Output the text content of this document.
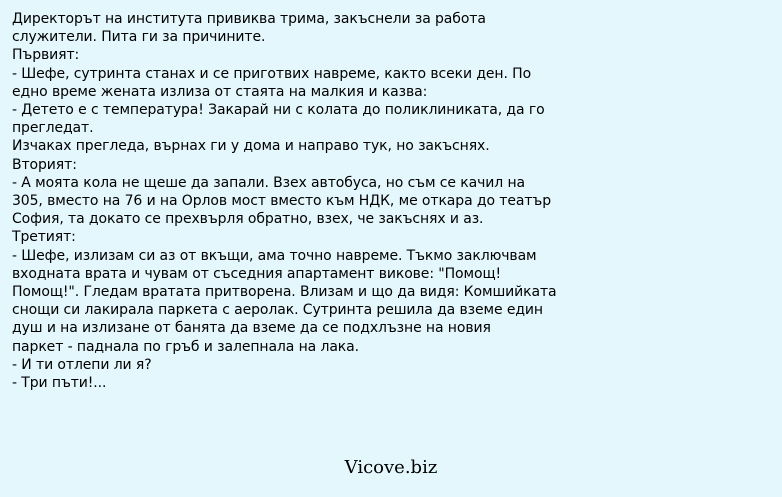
Директорът на института привиква трима, закъснели за работа
служители. Пита ги за причините.
Първият:
- Шефе, сутринта станах и се приготвих навреме, както всеки ден. По
едно време жената излиза от стаята на малкия и казва:
- Детето е с температура! Закарай ни с колата до поликлиниката, да го
прегледат.
Изчаках прегледа, върнах ги у дома и направо тук, но закъснях.
Вторият:
- А моята кола не щеше да запали. Взех автобуса, но съм се качил на
305, вместо на 76 и на Орлов мост вместо към НДК, ме откара до театър
София, та докато се прехвърля обратно, взех, че закъснях и аз.
Третият:
- Шефе, излизам си аз от вкъщи, ама точно навреме. Тъкмо заключвам
входната врата и чувам от съседния апартамент викове: "Помощ!
Помощ!". Гледам вратата притворена. Влизам и що да видя: Комшийката
снощи си лакирала паркета с аеролак. Сутринта решила да вземе един
душ и на излизане от банята да вземе да се подхлъзне на новия
паркет - паднала по гръб и залепнала на лака.
- И ти отлепи ли я?
- Три пъти!...
Vicove.biz
